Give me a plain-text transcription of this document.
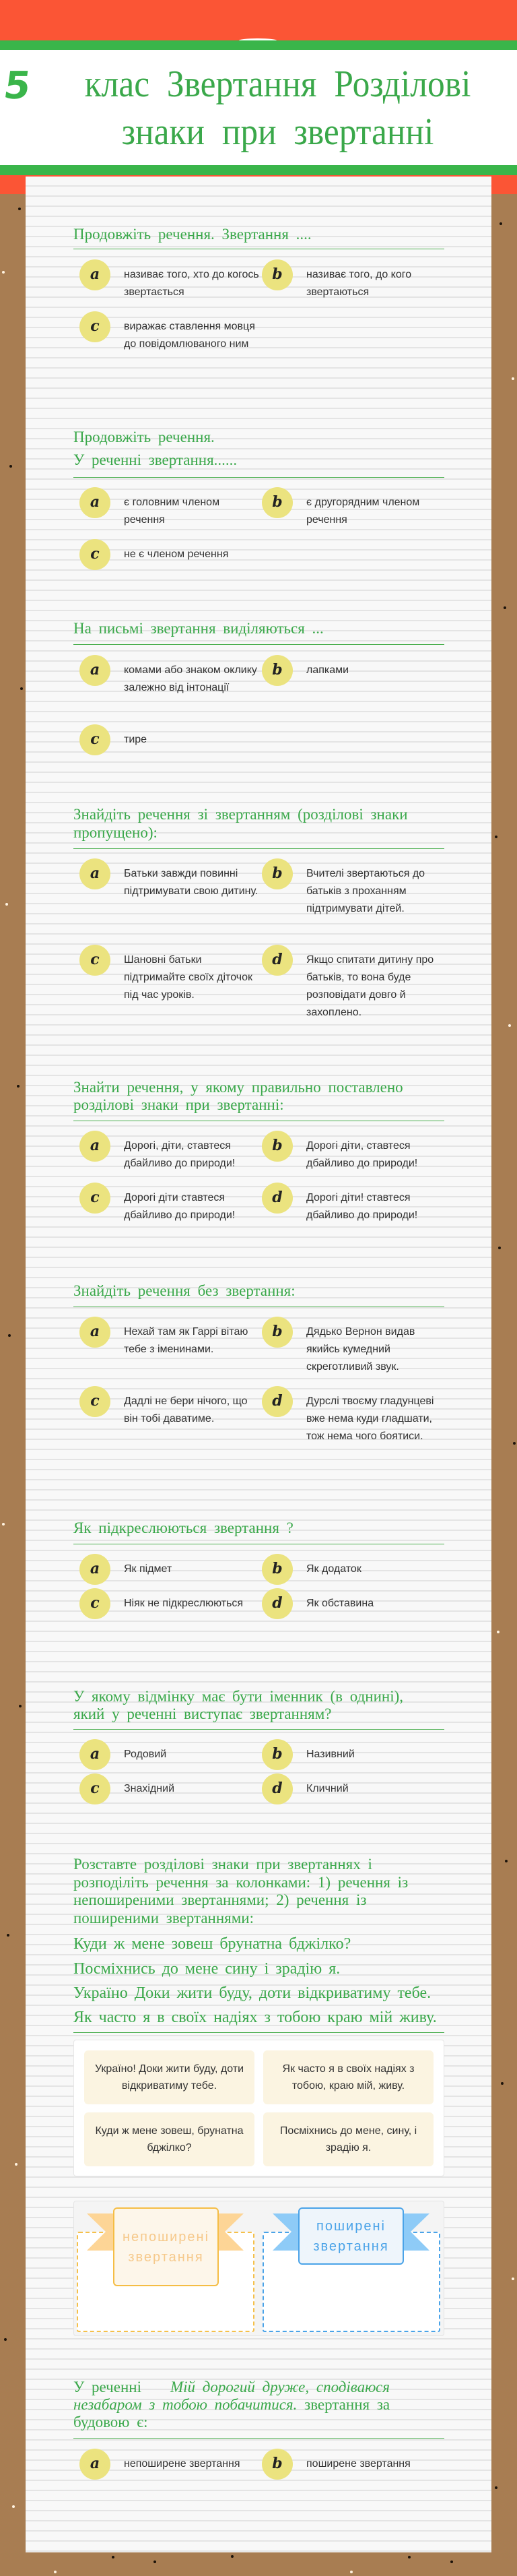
5	клас Звертання Розділові
знаки при звертанні
Продовжіть речення. Звертання ....
a	називає того, хто до когось звертається
b	називає того, до кого звертаються
c	виражає ставлення мовця до повідомлюваного ним
Продовжіть речення.
У реченні звертання......
a	є головним членом речення
b	є другорядним членом речення
c	не є членом речення
На письмі звертання виділяються ...
a	комами або знаком оклику залежно від інтонації
b	лапками
c	тире
Знайдіть речення зі звертанням (розділові знаки
пропущено):
a	Батьки завжди повинні підтримувати свою дитину.
b	Вчителі звертаються до батьків з проханням підтримувати дітей.
c	Шановні батьки підтримайте своїх діточок під час уроків.
d	Якщо спитати дитину про батьків, то вона буде розповідати довго й захоплено.
Знайти речення, у якому правильно поставлено
розділові знаки при звертанні:
a	Дорогі, діти, ставтеся дбайливо до природи!
b	Дорогі діти, ставтеся дбайливо до природи!
c	Дорогі діти ставтеся дбайливо до природи!
d	Дорогі діти! ставтеся дбайливо до природи!
Знайдіть речення без звертання:
a	Нехай там як Гаррі вітаю тебе з іменинами.
b	Дядько Вернон видав якийсь кумедний скреготливий звук.
c	Дадлі не бери нічого, що він тобі даватиме.
d	Дурслі твоєму гладунцеві вже нема куди гладшати, тож нема чого боятиси.
Як підкреслюються звертання ?
a	Як підмет	b	Як додаток
c	Ніяк не підкреслюються	d	Як обставина
У якому відмінку має бути іменник (в однині),
який у реченні виступає звертанням?
a	Родовий	b	Називний
c	Знахідний	d	Кличний
Розставте розділові знаки при звертаннях і
розподіліть речення за колонками: 1) речення із
непоширеними звертаннями; 2) речення із
поширеними звертаннями:
Куди ж мене зовеш брунатна бджілко?
Посміхнись до мене сину і зрадію я.
Україно Доки жити буду, доти відкриватиму тебе.
Як часто я в своїх надіях з тобою краю мій живу.
Україно! Доки жити буду, доти відкриватиму тебе.
Як часто я в своїх надіях з тобою, краю мій, живу.
Куди ж мене зовеш, брунатна бджілко?
Посміхнись до мене, сину, і зрадію я.
непоширені звертання
поширені звертання
У реченні Мій дорогий друже, сподіваюся незабаром з тобою побачитися. звертання за будовою є:
a	непоширене звертання	b	поширене звертання
